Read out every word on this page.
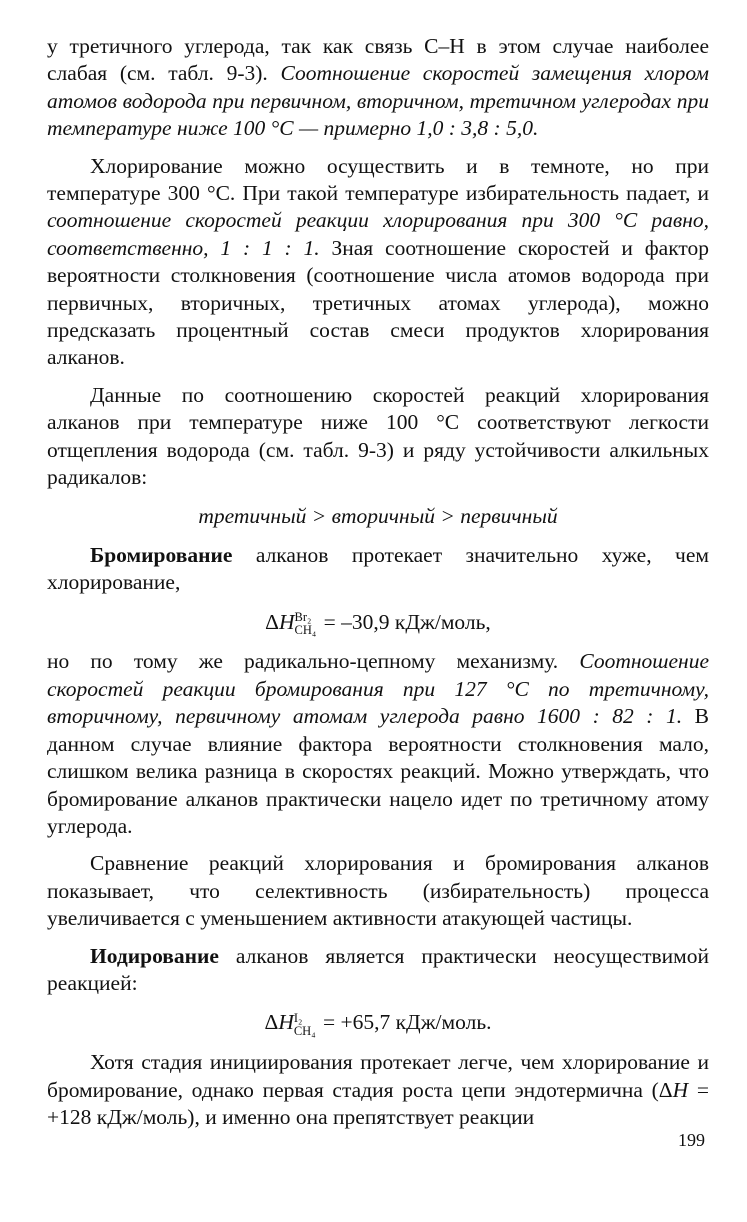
у третичного углерода, так как связь С–Н в этом случае наиболее слабая (см. табл. 9-3). Соотношение скоростей замещения хлором атомов водорода при первичном, вторичном, третичном углеродах при температуре ниже 100 °С — примерно 1,0 : 3,8 : 5,0.

Хлорирование можно осуществить и в темноте, но при температуре 300 °С. При такой температуре избирательность падает, и соотношение скоростей реакции хлорирования при 300 °С равно, соответственно, 1 : 1 : 1. Зная соотношение скоростей и фактор вероятности столкновения (соотношение числа атомов водорода при первичных, вторичных, третичных атомах углерода), можно предсказать процентный состав смеси продуктов хлорирования алканов.

Данные по соотношению скоростей реакций хлорирования алканов при температуре ниже 100 °С соответствуют легкости отщепления водорода (см. табл. 9-3) и ряду устойчивости алкильных радикалов:

третичный > вторичный > первичный

Бромирование алканов протекает значительно хуже, чем хлорирование,

ΔH Br₂
CH₄ = –30,9 кДж/моль,

но по тому же радикально-цепному механизму. Соотношение скоростей реакции бромирования при 127 °С по третичному, вторичному, первичному атомам углерода равно 1600 : 82 : 1. В данном случае влияние фактора вероятности столкновения мало, слишком велика разница в скоростях реакций. Можно утверждать, что бромирование алканов практически нацело идет по третичному атому углерода.

Сравнение реакций хлорирования и бромирования алканов показывает, что селективность (избирательность) процесса увеличивается с уменьшением активности атакующей частицы.

Иодирование алканов является практически неосуществимой реакцией:

ΔH I₂
CH₄ = +65,7 кДж/моль.

Хотя стадия инициирования протекает легче, чем хлорирование и бромирование, однако первая стадия роста цепи эндотермична (ΔH = +128 кДж/моль), и именно она препятствует реакции

199
